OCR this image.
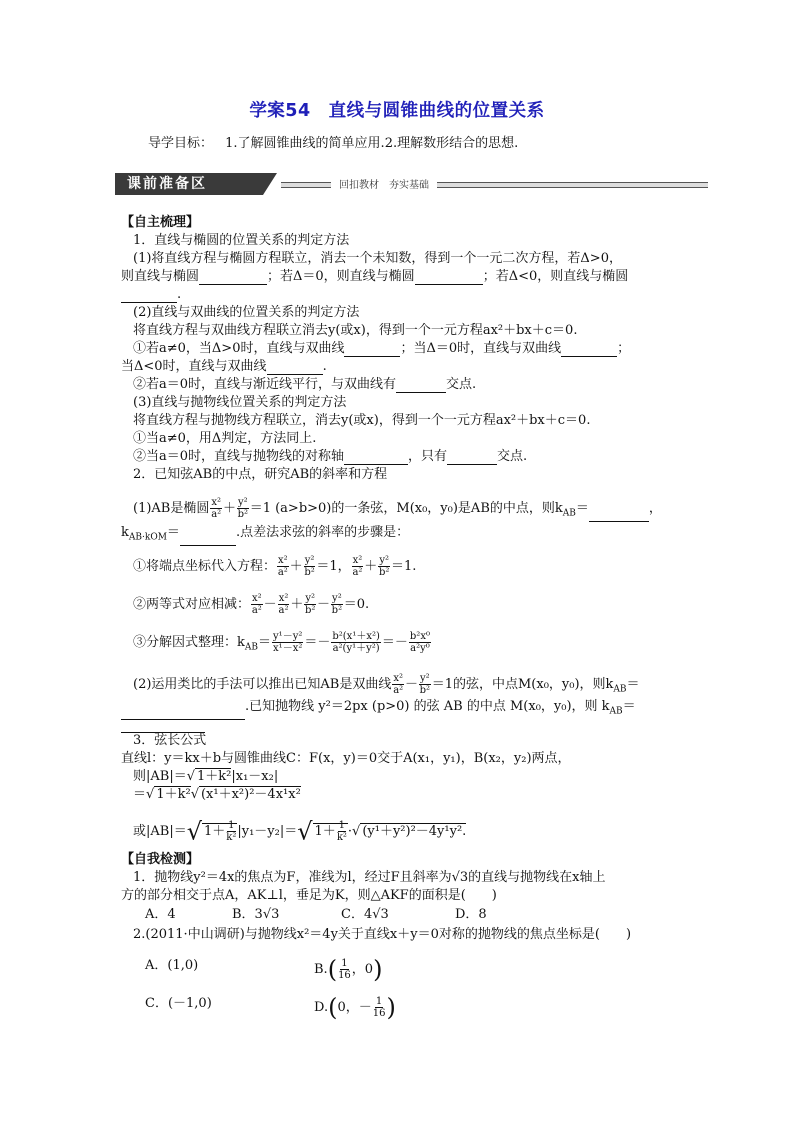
学案54　直线与圆锥曲线的位置关系
导学目标： 1.了解圆锥曲线的简单应用.2.理解数形结合的思想.
课前准备区	回扣教材　夯实基础
【自主梳理】
1．直线与椭圆的位置关系的判定方法
(1)将直线方程与椭圆方程联立，消去一个未知数，得到一个一元二次方程，若Δ>0，
则直线与椭圆	；若Δ＝0，则直线与椭圆	；若Δ<0，则直线与椭圆
.
(2)直线与双曲线的位置关系的判定方法
将直线方程与双曲线方程联立消去y(或x)，得到一个一元方程ax²＋bx＋c＝0.
①若a≠0，当Δ>0时，直线与双曲线	；当Δ＝0时，直线与双曲线	；
当Δ<0时，直线与双曲线	.
②若a＝0时，直线与渐近线平行，与双曲线有	交点.
(3)直线与抛物线位置关系的判定方法
将直线方程与抛物线方程联立，消去y(或x)，得到一个一元方程ax²＋bx＋c＝0.
①当a≠0，用Δ判定，方法同上.
②当a＝0时，直线与抛物线的对称轴	，只有	交点.
2．已知弦AB的中点，研究AB的斜率和方程
(1)AB是椭圆 $\frac{\text{x²}}{\text{a²}} + \frac{\text{y²}}{\text{b²}} =1$ (a>b>0)的一条弦，M(x₀，y₀)是AB的中点，则$k_{AB}=$	，
$k_{AB\cdot kOM}=$	.点差法求弦的斜率的步骤是：
①将端点坐标代入方程： $\frac{\text{x²}}{\text{a²}} + \frac{\text{y²}}{\text{b²}} =1$， $\frac{\text{x²}}{\text{a²}} + \frac{\text{y²}}{\text{b²}} =1$.
②两等式对应相减： $\frac{\text{x²}}{\text{a²}} - \frac{\text{x²}}{\text{a²}} + \frac{\text{y²}}{\text{b²}} - \frac{\text{y²}}{\text{b²}} =0$.
③分解因式整理：$k_{AB}= \frac{\text{y¹－y²}}{\text{x¹－x²}} =- \frac{\text{b²(x¹＋x²)}}{\text{a²(y¹＋y²)}} =- \frac{\text{b²x⁰}}{\text{a²y⁰}}$
(2)运用类比的手法可以推出已知AB是双曲线 $\frac{\text{x²}}{\text{a²}} - \frac{\text{y²}}{\text{b²}} =1$的弦，中点M(x₀，y₀)，则$k_{AB}=$
.已知抛物线 y²＝2px (p>0) 的弦 AB 的中点 M(x₀，y₀)，则 $k_{AB}=$
3．弦长公式
直线l：y＝kx＋b与圆锥曲线C：F(x，y)＝0交于A(x₁，y₁)，B(x₂，y₂)两点，
则|AB|＝√ 1＋k²|x₁－x₂|
＝√ 1＋k²√ (x¹＋x²)²－4x¹x²
或|AB|＝√ $1+ \frac{1}{\text{k²}} |y_1-y_2|=√$ $1+ \frac{1}{\text{k²}}$ ·√ (y¹＋y²)²－4y¹y².
【自我检测】
1．抛物线y²＝4x的焦点为F，准线为l，经过F且斜率为√3的直线与抛物线在x轴上
方的部分相交于点A，AK⊥l，垂足为K，则△AKF的面积是(　　)
A．4	B．3√3	C．4√3	D．8
2.(2011·中山调研)与抛物线x²＝4y关于直线x＋y＝0对称的抛物线的焦点坐标是(　　)
A．(1,0)	$B.( \frac{1}{16}$ ，0)
C．(－1,0)	D.(0，－ $\frac{1}{16}$ )
